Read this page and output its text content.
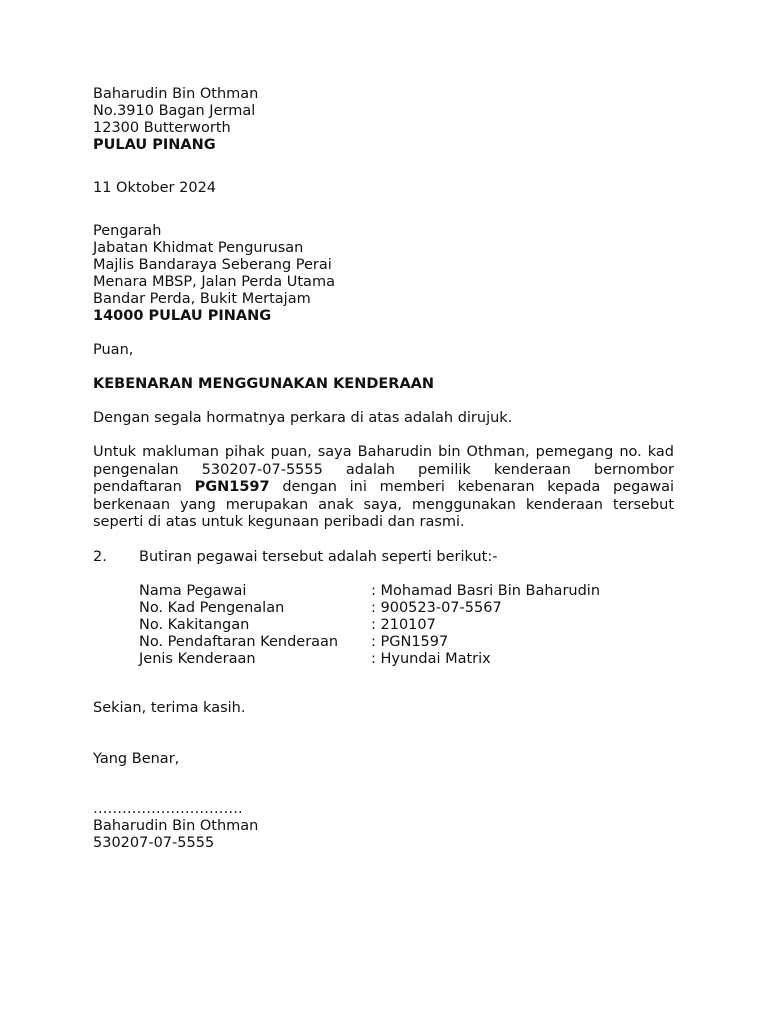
Baharudin Bin Othman
No.3910 Bagan Jermal
12300 Butterworth
PULAU PINANG
11 Oktober 2024
Pengarah
Jabatan Khidmat Pengurusan
Majlis Bandaraya Seberang Perai
Menara MBSP, Jalan Perda Utama
Bandar Perda, Bukit Mertajam
14000 PULAU PINANG
Puan,
KEBENARAN MENGGUNAKAN KENDERAAN
Dengan segala hormatnya perkara di atas adalah dirujuk.

Untuk makluman pihak puan, saya Baharudin bin Othman, pemegang no. kad pengenalan 530207-07-5555 adalah pemilik kenderaan bernombor pendaftaran PGN1597 dengan ini memberi kebenaran kepada pegawai berkenaan yang merupakan anak saya, menggunakan kenderaan tersebut seperti di atas untuk kegunaan peribadi dan rasmi.

2. Butiran pegawai tersebut adalah seperti berikut:-
Nama Pegawai	: Mohamad Basri Bin Baharudin
No. Kad Pengenalan	: 900523-07-5567
No. Kakitangan	: 210107
No. Pendaftaran Kenderaan : PGN1597
Jenis Kenderaan	: Hyundai Matrix
Sekian, terima kasih.
Yang Benar,
………………………….
Baharudin Bin Othman
530207-07-5555
